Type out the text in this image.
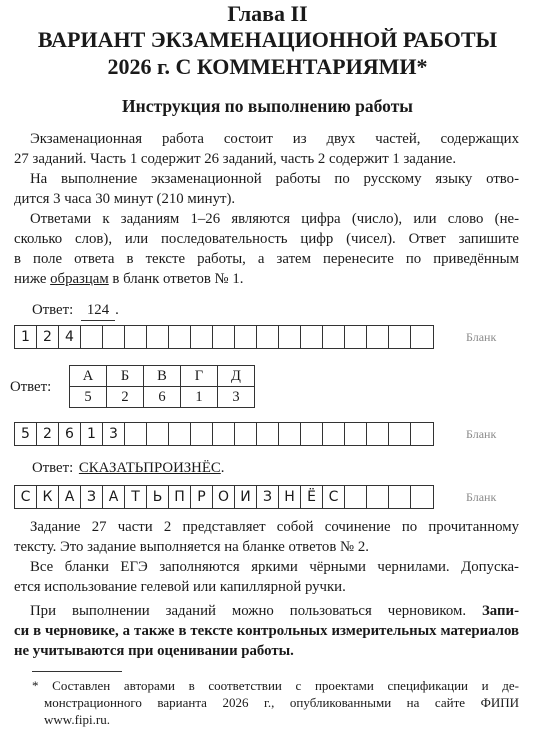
Глава II
ВАРИАНТ ЭКЗАМЕНАЦИОННОЙ РАБОТЫ
2026 г. С КОММЕНТАРИЯМИ*
Инструкция по выполнению работы
Экзаменационная работа состоит из двух частей, содержащих
27 заданий. Часть 1 содержит 26 заданий, часть 2 содержит 1 задание.
На выполнение экзаменационной работы по русскому языку отво-
дится 3 часа 30 минут (210 минут).
Ответами к заданиям 1–26 являются цифра (число), или слово (не-
сколько слов), или последовательность цифр (чисел). Ответ запишите
в поле ответа в тексте работы, а затем перенесите по приведённым
ниже образцам в бланк ответов № 1.
Ответ: 124 .
1 2 4	Бланк
Ответ:
А	Б	В	Г	Д
5	2	6	1	3
5 2 6 1 3	Бланк
Ответ: СКАЗАТЬПРОИЗНЁС.
С К А З А Т Ь П Р О И З Н Ё С	Бланк
Задание 27 части 2 представляет собой сочинение по прочитанному
тексту. Это задание выполняется на бланке ответов № 2.
Все бланки ЕГЭ заполняются яркими чёрными чернилами. Допуска-
ется использование гелевой или капиллярной ручки.
При выполнении заданий можно пользоваться черновиком. Запи-
си в черновике, а также в тексте контрольных измерительных материалов
не учитываются при оценивании работы.
* Составлен авторами в соответствии с проектами спецификации и де-
монстрационного варианта 2026 г., опубликованными на сайте ФИПИ
www.fipi.ru.
